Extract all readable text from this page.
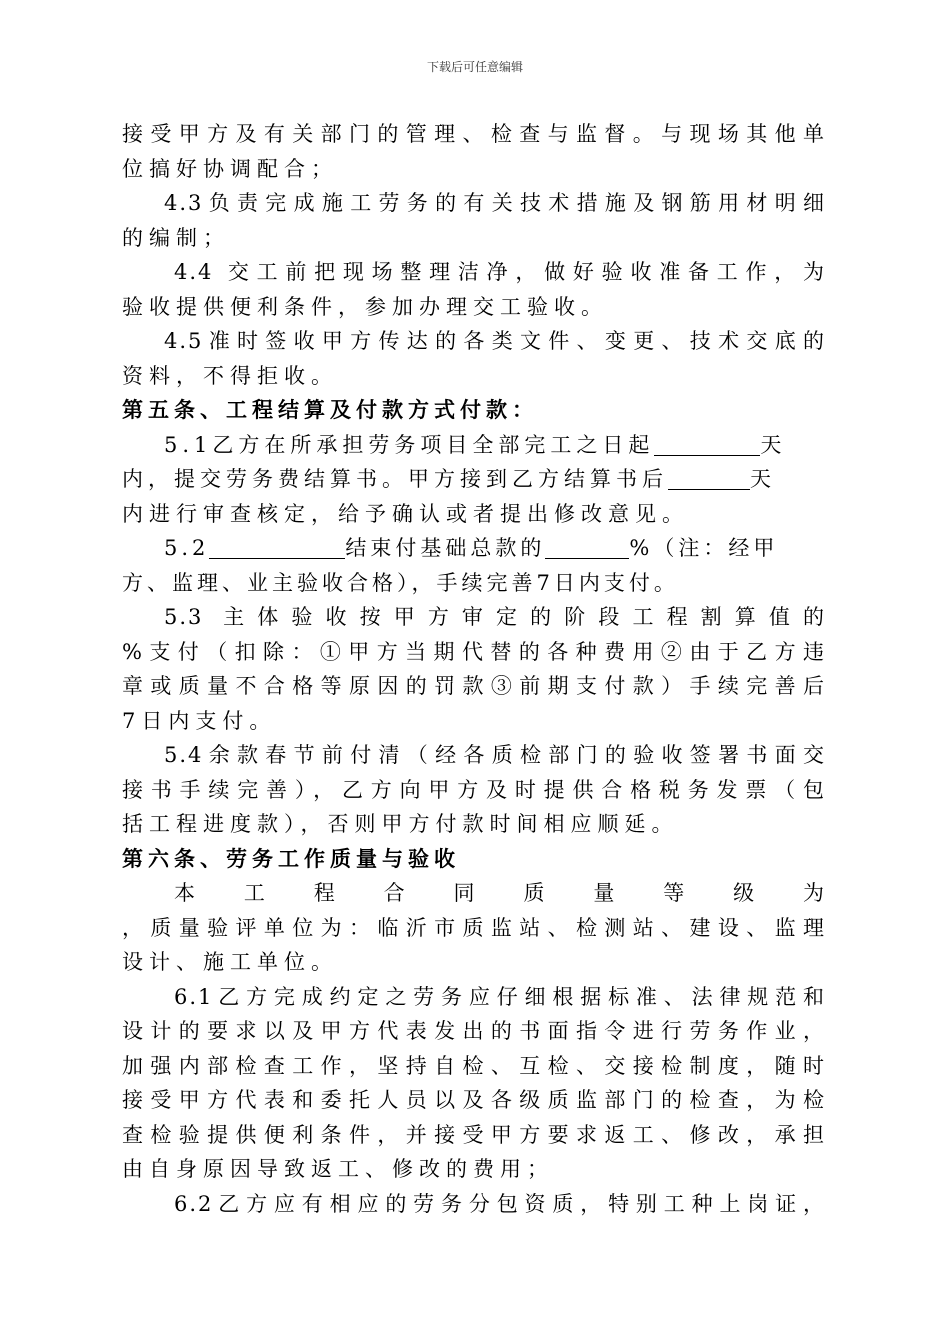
下载后可任意编辑
接受甲方及有关部门的管理、检查与监督。与现场其他单
位搞好协调配合；
4.3负责完成施工劳务的有关技术措施及钢筋用材明细
的编制；
4.4 交工前把现场整理洁净，做好验收准备工作，为
验收提供便利条件，参加办理交工验收。
4.5准时签收甲方传达的各类文件、变更、技术交底的
资料，不得拒收。
第五条、工程结算及付款方式付款：
5.1乙方在所承担劳务项目全部完工之日起	天
内，提交劳务费结算书。甲方接到乙方结算书后	天
内进行审查核定，给予确认或者提出修改意见。
5.2	结束付基础总款的	%（注：经甲
方、监理、业主验收合格），手续完善7日内支付。
5.3 主体验收按甲方审定的阶段工程割算值的
%支付（扣除：①甲方当期代替的各种费用②由于乙方违
章或质量不合格等原因的罚款③前期支付款）手续完善后
7日内支付。
5.4余款春节前付清（经各质检部门的验收签署书面交
接书手续完善），乙方向甲方及时提供合格税务发票（包
括工程进度款），否则甲方付款时间相应顺延。
第六条、劳务工作质量与验收
本工程合同质量等级为
，质量验评单位为：临沂市质监站、检测站、建设、监理
设计、施工单位。
6.1乙方完成约定之劳务应仔细根据标准、法律规范和
设计的要求以及甲方代表发出的书面指令进行劳务作业，
加强内部检查工作，坚持自检、互检、交接检制度，随时
接受甲方代表和委托人员以及各级质监部门的检查，为检
查检验提供便利条件，并接受甲方要求返工、修改，承担
由自身原因导致返工、修改的费用；
6.2乙方应有相应的劳务分包资质，特别工种上岗证，
